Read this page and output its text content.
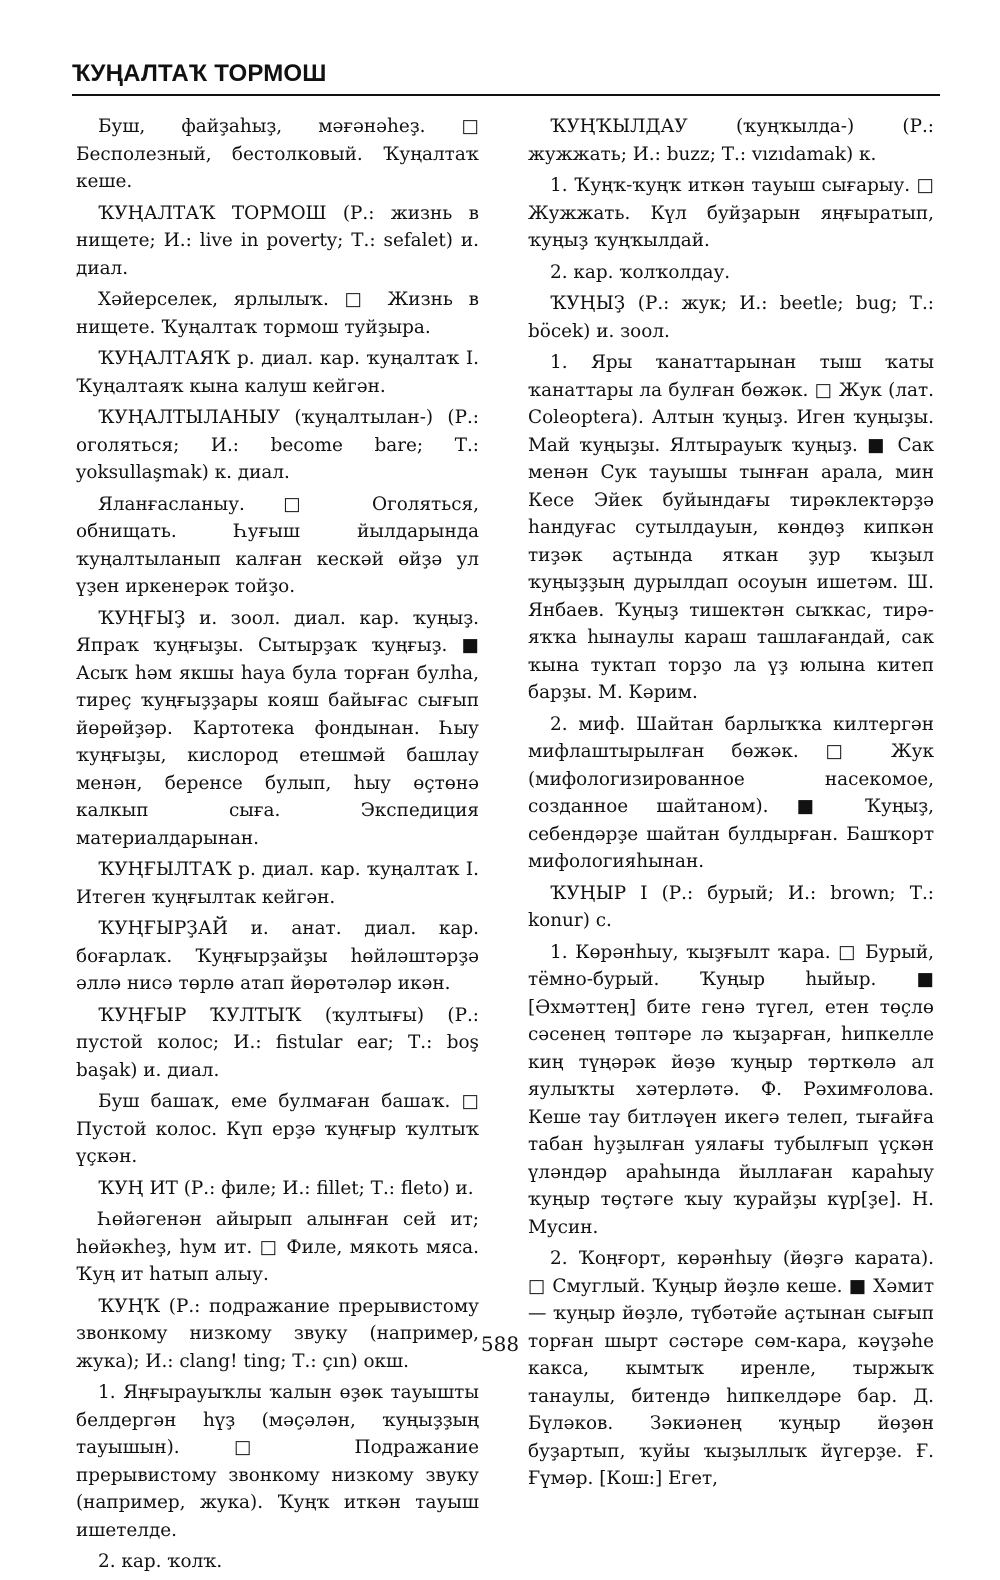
ҠУҢАЛТАҠ ТОРМОШ

Буш, файҙаһыҙ, мәғәнәһеҙ. □ Бесполезный, бестолковый. Ҡуңалтаҡ кеше.

ҠУҢАЛТАҠ ТОРМОШ (Р.: жизнь в нищете; И.: live in poverty; Т.: sefalet) и. диал.

Хәйерселек, ярлылыҡ. □ Жизнь в нищете. Ҡуңалтаҡ тормош туйҙыра.

ҠУҢАЛТАЯҠ р. диал. кар. ҡуңалтаҡ I. Ҡуңалтаяҡ кына калуш кейгән.

ҠУҢАЛТЫЛАНЫУ (ҡуңалтылан-) (Р.: оголяться; И.: become bare; Т.: yoksullaşmak) к. диал.

Яланғасланыу. □ Оголяться, обнищать. Һуғыш йылдарында ҡуңалтыланып калған кескәй өйҙә ул үҙен иркенерәк тойҙо.

ҠУҢҒЫҘ и. зоол. диал. кар. ҡуңыҙ. Япраҡ ҡуңғыҙы. Сытырҙаҡ ҡуңғыҙ. ■ Асыҡ һәм якшы һауа була торған булһа, тиреҫ ҡуңғыҙҙары кояш байығас сығып йөрөйҙәр. Картотека фондынан. Һыу ҡуңғыҙы, кислород етешмәй башлау менән, беренсе булып, һыу өҫтөнә калкып сыға. Экспедиция материалдарынан.

ҠУҢҒЫЛТАҠ р. диал. кар. ҡуңалтаҡ I. Итеген ҡуңғылтак кейгән.

ҠУҢҒЫРҘАЙ и. анат. диал. кар. боғарлаҡ. Ҡуңғырҙайҙы һөйләштәрҙә әллә нисә төрлө атап йөрөтәләр икән.

ҠУҢҒЫР ҠУЛТЫҠ (ҡултығы) (Р.: пустой колос; И.: fistular ear; Т.: boş başak) и. диал.

Буш башаҡ, еме булмаған башаҡ. □ Пустой колос. Күп ерҙә ҡуңғыр ҡултыҡ үҫкән.

ҠУҢ ИТ (Р.: филе; И.: fillet; Т.: fleto) и.

Һөйәгенән айырып алынған сей ит; һөйәкһеҙ, һум ит. □ Филе, мякоть мяса. Ҡуң ит һатып алыу.

ҠУҢҠ (Р.: подражание прерывистому звонкому низкому звуку (например, жука); И.: clang! ting; Т.: çın) окш.

1. Яңғырауыҡлы ҡалын өҙөк тауышты белдергән һүҙ (мәҫәлән, ҡуңыҙҙың тауышын). □ Подражание прерывистому звонкому низкому звуку (например, жука). Ҡуңҡ иткән тауыш ишетелде.

2. кар. ҡолҡ.

ҠУҢҠЫЛДАУ (ҡуңҡылда-) (Р.: жужжать; И.: buzz; Т.: vızıdamak) к.

1. Ҡуңҡ-ҡуңҡ иткән тауыш сығарыу. □ Жужжать. Күл буйҙарын яңғыратып, ҡуңыҙ ҡуңҡылдай.

2. кар. ҡолҡолдау.

ҠУҢЫҘ (Р.: жук; И.: beetle; bug; Т.: böcek) и. зоол.

1. Яры ҡанаттарынан тыш ҡаты ҡанаттары ла булған бөжәк. □ Жук (лат. Coleoptera). Алтын ҡуңыҙ. Иген ҡуңыҙы. Май ҡуңыҙы. Ялтырауыҡ ҡуңыҙ. ■ Сак менән Сук тауышы тынған арала, мин Кесе Эйек буйындағы тирәклектәрҙә һандуғас сутылдауын, көндөҙ кипкән тиҙәк аҫтында яткан ҙур ҡыҙыл ҡуңыҙҙың дурылдап осоуын ишетәм. Ш. Янбаев. Ҡуңыҙ тишектән сыҡкас, тирә-яҡҡа һынаулы караш ташлағандай, сак ҡына туктап торҙо ла үҙ юлына китеп барҙы. М. Кәрим.

2. миф. Шайтан барлыҡҡа килтергән мифлаштырылған бөжәк. □ Жук (мифологизированное насекомое, созданное шайтаном). ■ Ҡуңыҙ, себендәрҙе шайтан булдырған. Башҡорт мифологияһынан.

ҠУҢЫР I (Р.: бурый; И.: brown; Т.: konur) с.

1. Көрәнһыу, ҡыҙғылт ҡара. □ Бурый, тёмно-бурый. Ҡуңыр һыйыр. ■ [Әхмәттең] бите генә түгел, етен төҫлө сәсенең төптәре лә ҡыҙарған, һипкелле киң түңәрәк йөҙө ҡуңыр төрткөлә ал яулыҡты хәтерләтә. Ф. Рәхимғолова. Кеше тау битләүен икегә телеп, тығайға табан һуҙылған уялағы тубылғып үҫкән үләндәр араһында йыллаған караһыу ҡуңыр төҫтәге ҡыу ҡурайҙы күр[ҙе]. Н. Мусин.

2. Ҡоңғорт, көрәнһыу (йөҙгә карата). □ Смуглый. Ҡуңыр йөҙлө кеше. ■ Хәмит — ҡуңыр йөҙлө, түбәтәйе аҫтынан сығып торған шырт сәстәре сөм-кара, кәүҙәһе какса, кымтыҡ иренле, тыржыҡ танаулы, битендә һипкелдәре бар. Д. Бүләков. Зәкиәнең ҡуңыр йөҙөн буҙартып, ҡуйы ҡыҙыллыҡ йүгерҙе. Ғ. Ғүмәр. [Кош:] Егет,

588
